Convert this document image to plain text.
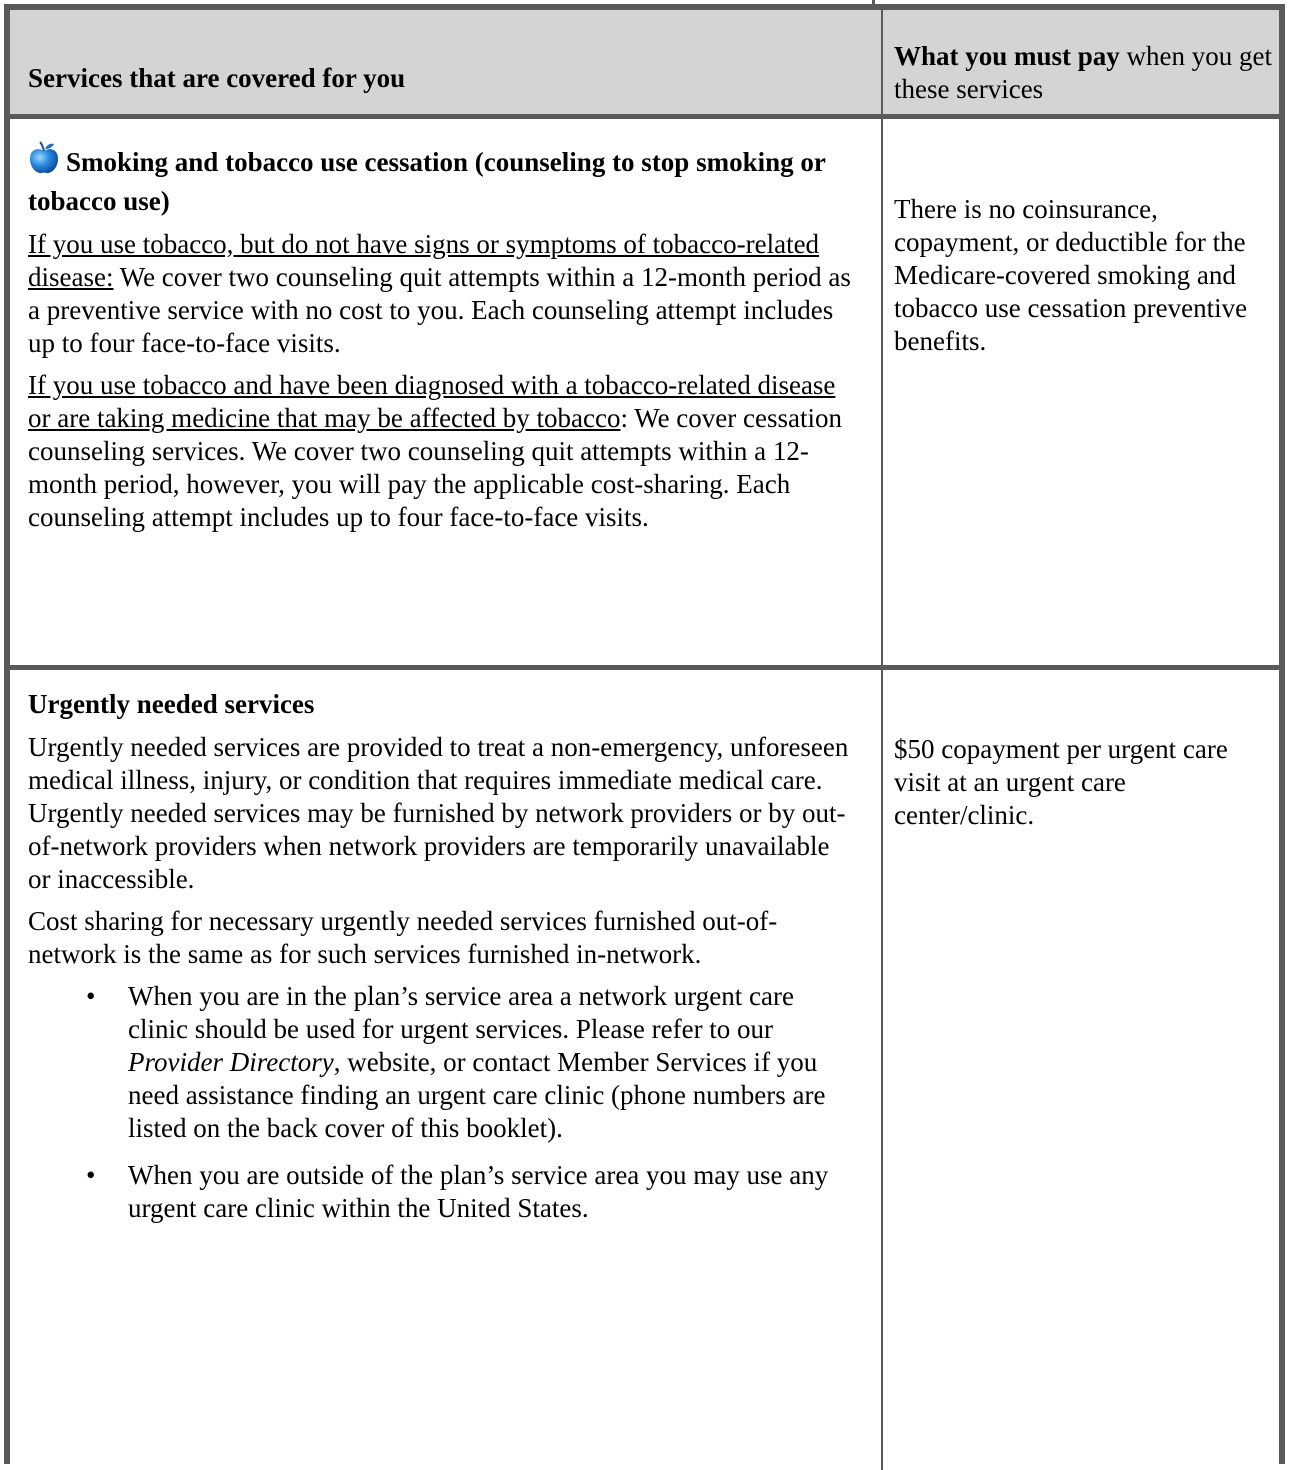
Services that are covered for you
What you must pay when you get these services

Smoking and tobacco use cessation (counseling to stop smoking or tobacco use)

If you use tobacco, but do not have signs or symptoms of tobacco-related disease: We cover two counseling quit attempts within a 12-month period as a preventive service with no cost to you. Each counseling attempt includes up to four face-to-face visits.

If you use tobacco and have been diagnosed with a tobacco-related disease or are taking medicine that may be affected by tobacco: We cover cessation counseling services. We cover two counseling quit attempts within a 12-month period, however, you will pay the applicable cost-sharing. Each counseling attempt includes up to four face-to-face visits.

There is no coinsurance, copayment, or deductible for the Medicare-covered smoking and tobacco use cessation preventive benefits.

Urgently needed services

Urgently needed services are provided to treat a non-emergency, unforeseen medical illness, injury, or condition that requires immediate medical care. Urgently needed services may be furnished by network providers or by out-of-network providers when network providers are temporarily unavailable or inaccessible.

Cost sharing for necessary urgently needed services furnished out-of-network is the same as for such services furnished in-network.

• When you are in the plan’s service area a network urgent care clinic should be used for urgent services. Please refer to our Provider Directory, website, or contact Member Services if you need assistance finding an urgent care clinic (phone numbers are listed on the back cover of this booklet).
• When you are outside of the plan’s service area you may use any urgent care clinic within the United States.
$50 copayment per urgent care visit at an urgent care center/clinic.
